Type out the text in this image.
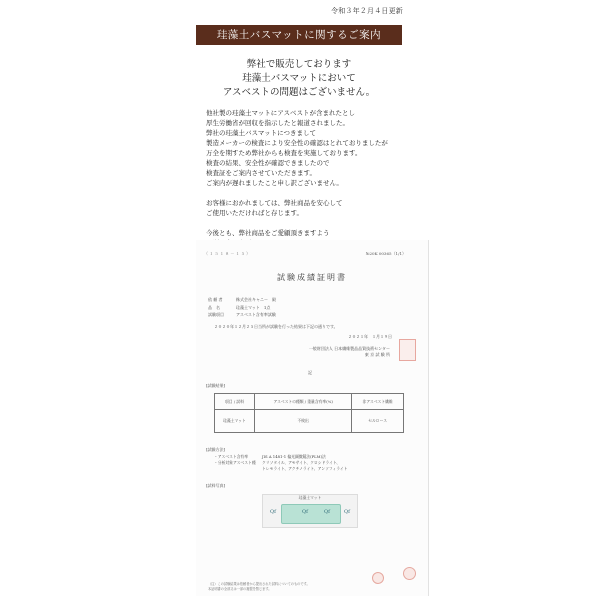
令和３年２月４日更新
珪藻土バスマットに関するご案内
弊社で販売しております
珪藻土バスマットにおいて
アスベストの問題はございません。

他社製の珪藻土マットにアスベストが含まれたとし

厚生労働省が回収を指示したと報道されました。

弊社の珪藻土バスマットにつきまして

製造メーカーの検査により安全性の確認はとれておりましたが

万全を期すため弊社からも検査を実施しております。

検査の結果、安全性が確認できましたので

検査証をご案内させていただきます。

ご案内が遅れましたこと申し訳ございません。

お客様におかれましては、弊社商品を安心して

ご使用いただければと存じます。

今後とも、弊社商品をご愛顧頂きますよう

（ １ ５ １ ８ － １ ５ ）	№20K 00365（1/1）
試験成績証明書
依 頼 者	株式会社キャニー　殿
品　名	珪藻土マット　1点
試験項目	アスベスト含有率試験
２０２０年１２月２５日当所が試験を行った結果は下記の通りです。
２０２１年　１月１９日
一般財団法人 日本繊維製品品質技術センター
東 京 試 験 所
記
[試験結果]
項目 / 試料	アスベストの種類 / 重量含有率(%)	非アスベスト繊維
珪藻土マット	不検出	セルロース
[試験方法]
・アスベスト含有率	JIS A 1481-1 偏光顕微鏡法(PLM)法
・分析対象アスベスト種 クリソタイル、アモサイト、クロシドライト、
トレモライト、アクチノライト、アンソフィライト
[試料写真]
珪藻土マット
Qf	Qf	Qf	Qf
（注）この試験結果は依頼者から提出された試料についてのものです。
本証明書の全部又は一部の複製を禁じます。
